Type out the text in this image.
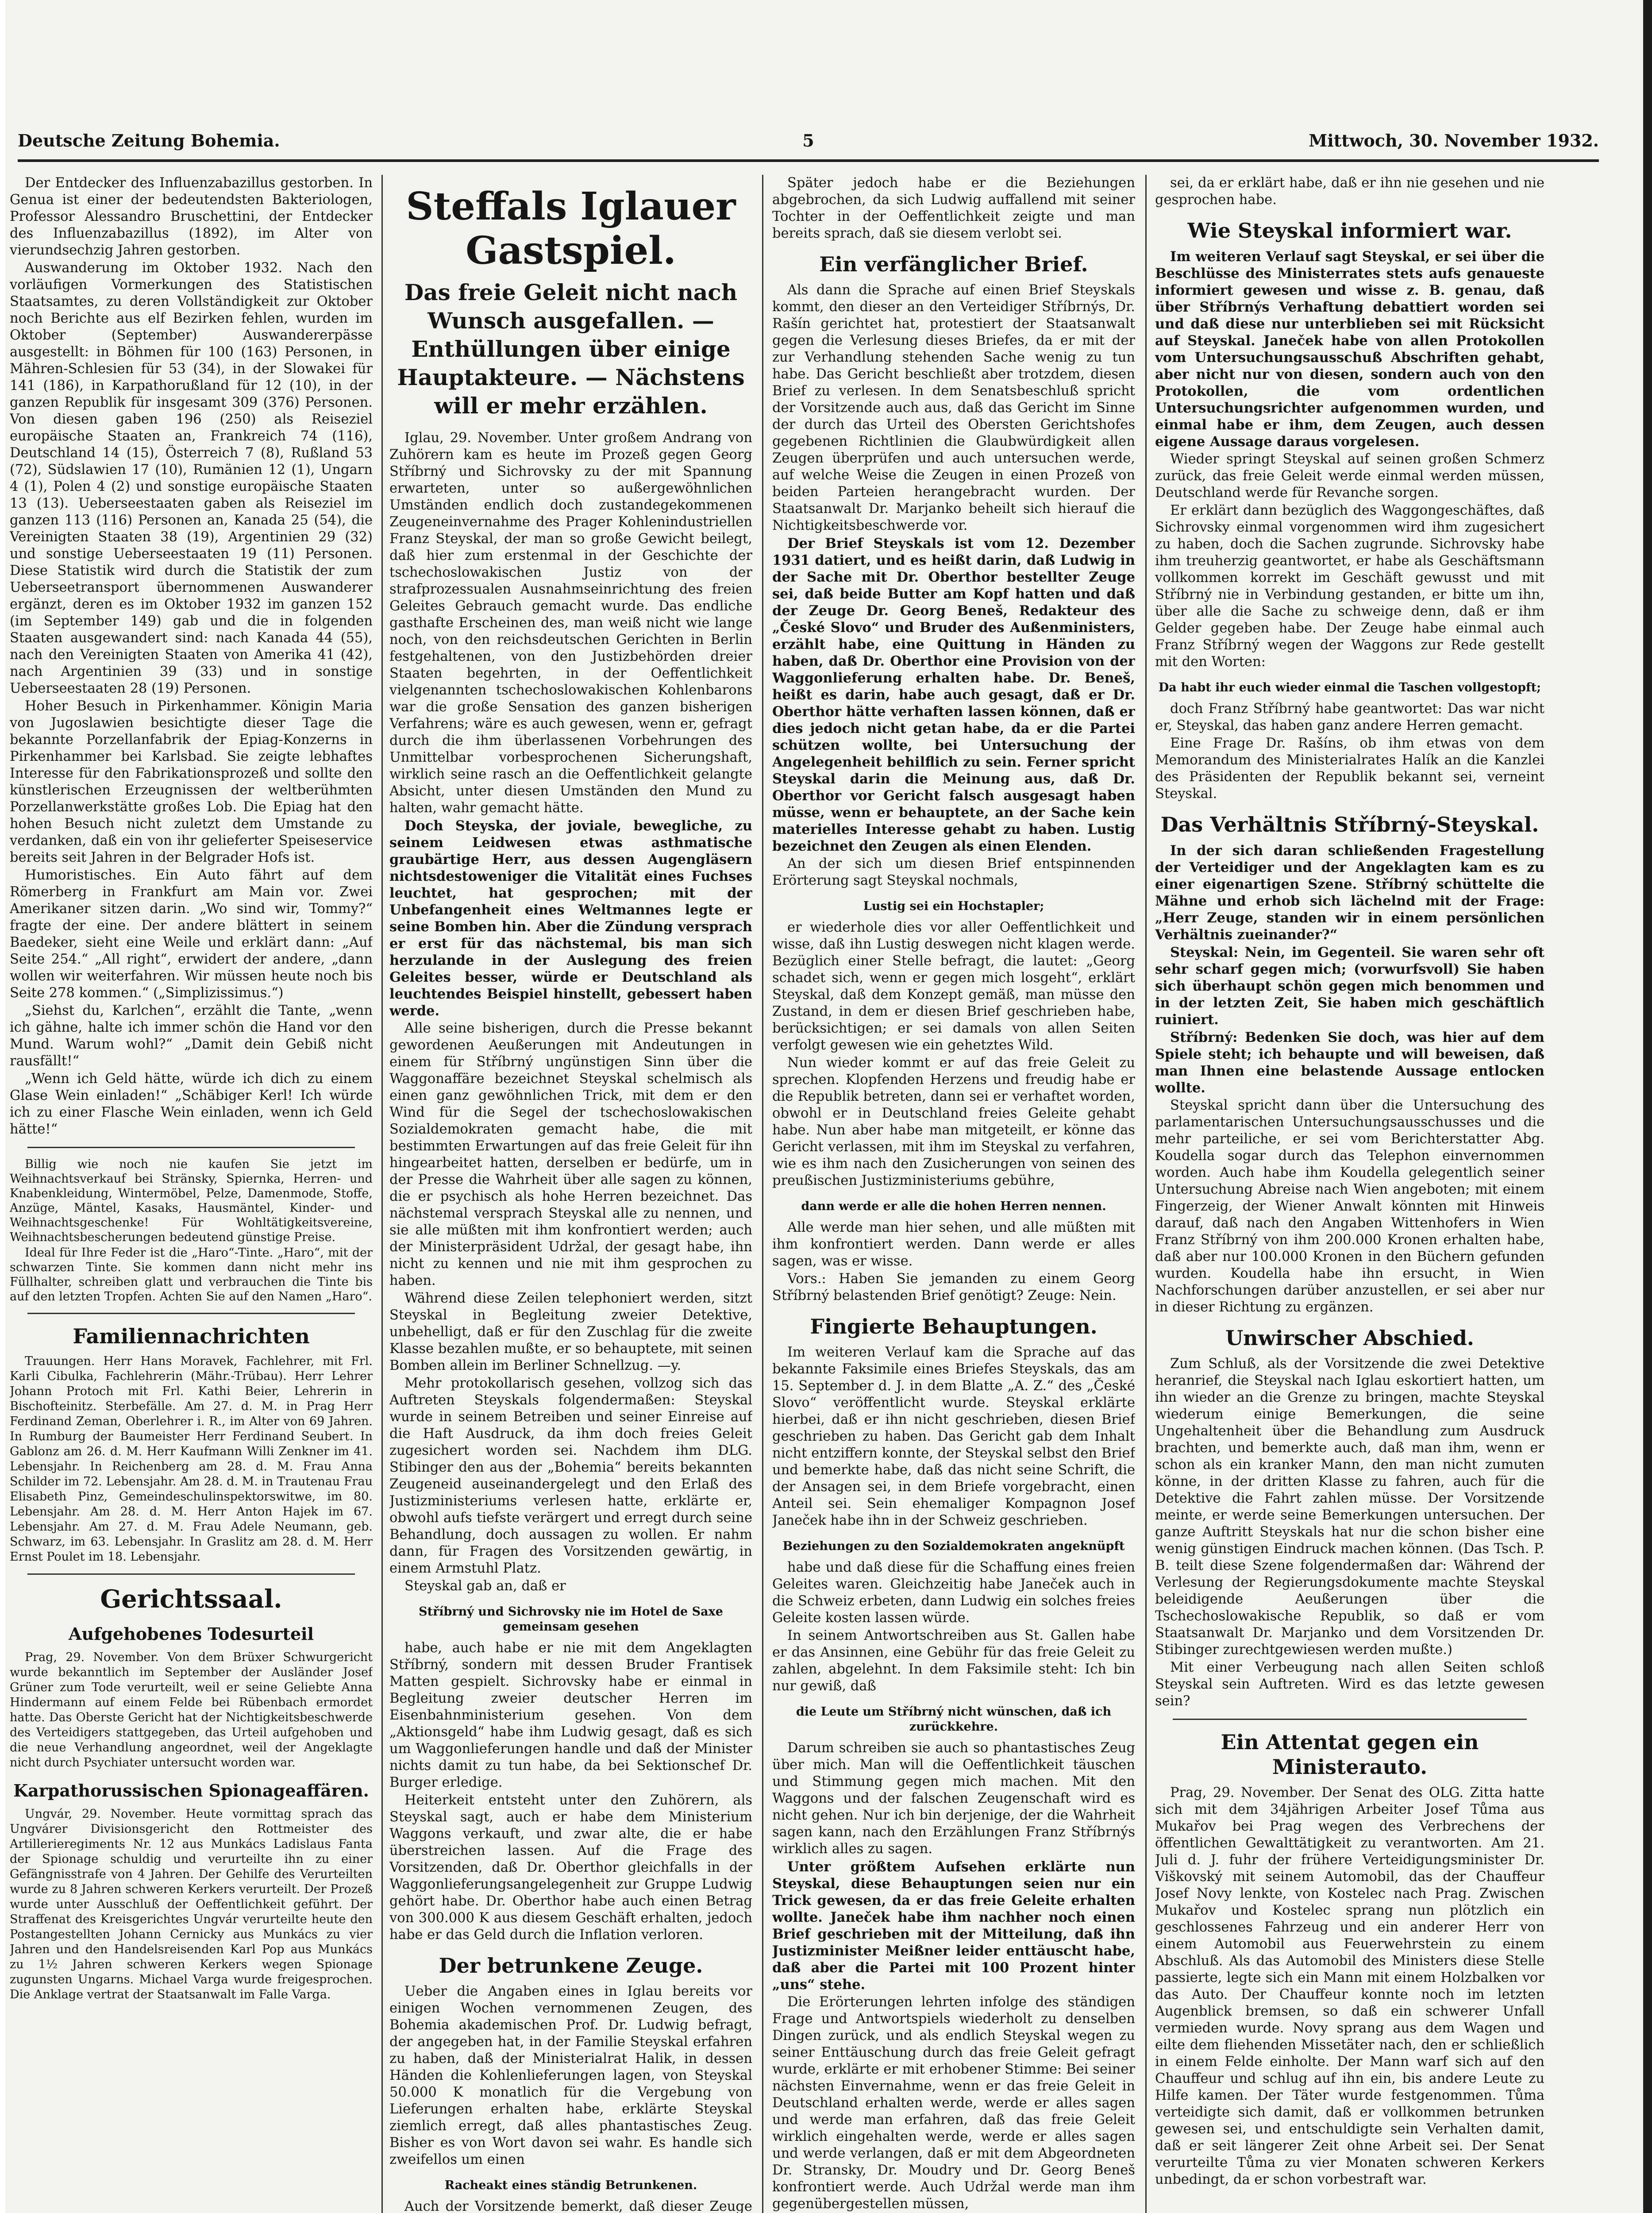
Deutsche Zeitung Bohemia.	5	Mittwoch, 30. November 1932.

Der Entdecker des Influenzabazillus gestorben. In Genua ist einer der bedeutendsten Bakteriologen, Professor Alessandro Bruschettini, der Entdecker des Influenzabazillus (1892), im Alter von vierundsechzig Jahren gestorben.

Auswanderung im Oktober 1932. Nach den vorläufigen Vormerkungen des Statistischen Staatsamtes, zu deren Vollständigkeit zur Oktober noch Berichte aus elf Bezirken fehlen, wurden im Oktober (September) Auswandererpässe ausgestellt: in Böhmen für 100 (163) Personen, in Mähren-Schlesien für 53 (34), in der Slowakei für 141 (186), in Karpathorußland für 12 (10), in der ganzen Republik für insgesamt 309 (376) Personen. Von diesen gaben 196 (250) als Reiseziel europäische Staaten an, Frankreich 74 (116), Deutschland 14 (15), Österreich 7 (8), Rußland 53 (72), Südslawien 17 (10), Rumänien 12 (1), Ungarn 4 (1), Polen 4 (2) und sonstige europäische Staaten 13 (13). Ueberseestaaten gaben als Reiseziel im ganzen 113 (116) Personen an, Kanada 25 (54), die Vereinigten Staaten 38 (19), Argentinien 29 (32) und sonstige Ueberseestaaten 19 (11) Personen. Diese Statistik wird durch die Statistik der zum Ueberseetransport übernommenen Auswanderer ergänzt, deren es im Oktober 1932 im ganzen 152 (im September 149) gab und die in folgenden Staaten ausgewandert sind: nach Kanada 44 (55), nach den Vereinigten Staaten von Amerika 41 (42), nach Argentinien 39 (33) und in sonstige Ueberseestaaten 28 (19) Personen.

Hoher Besuch in Pirkenhammer. Königin Maria von Jugoslawien besichtigte dieser Tage die bekannte Porzellanfabrik der Epiag-Konzerns in Pirkenhammer bei Karlsbad. Sie zeigte lebhaftes Interesse für den Fabrikationsprozeß und sollte den künstlerischen Erzeugnissen der weltberühmten Porzellanwerkstätte großes Lob. Die Epiag hat den hohen Besuch nicht zuletzt dem Umstande zu verdanken, daß ein von ihr gelieferter Speiseservice bereits seit Jahren in der Belgrader Hofs ist.

Humoristisches. Ein Auto fährt auf dem Römerberg in Frankfurt am Main vor. Zwei Amerikaner sitzen darin. „Wo sind wir, Tommy?“ fragte der eine. Der andere blättert in seinem Baedeker, sieht eine Weile und erklärt dann: „Auf Seite 254.“ „All right“, erwidert der andere, „dann wollen wir weiterfahren. Wir müssen heute noch bis Seite 278 kommen.“ („Simplizissimus.“)

„Siehst du, Karlchen“, erzählt die Tante, „wenn ich gähne, halte ich immer schön die Hand vor den Mund. Warum wohl?“ „Damit dein Gebiß nicht rausfällt!“

„Wenn ich Geld hätte, würde ich dich zu einem Glase Wein einladen!“ „Schäbiger Kerl! Ich würde ich zu einer Flasche Wein einladen, wenn ich Geld hätte!“

Billig wie noch nie kaufen Sie jetzt im Weihnachtsverkauf bei Stränsky, Spiernka, Herren- und Knabenkleidung, Wintermöbel, Pelze, Damenmode, Stoffe, Anzüge, Mäntel, Kasaks, Hausmäntel, Kinder- und Weihnachtsgeschenke! Für Wohltätigkeitsvereine, Weihnachtsbescherungen bedeutend günstige Preise.

Ideal für Ihre Feder ist die „Haro“-Tinte. „Haro“, mit der schwarzen Tinte. Sie kommen dann nicht mehr ins Füllhalter, schreiben glatt und verbrauchen die Tinte bis auf den letzten Tropfen. Achten Sie auf den Namen „Haro“.

Familiennachrichten

Trauungen. Herr Hans Moravek, Fachlehrer, mit Frl. Karli Cibulka, Fachlehrerin (Mähr.-Trübau). Herr Lehrer Johann Protoch mit Frl. Kathi Beier, Lehrerin in Bischofteinitz. Sterbefälle. Am 27. d. M. in Prag Herr Ferdinand Zeman, Oberlehrer i. R., im Alter von 69 Jahren. In Rumburg der Baumeister Herr Ferdinand Seubert. In Gablonz am 26. d. M. Herr Kaufmann Willi Zenkner im 41. Lebensjahr. In Reichenberg am 28. d. M. Frau Anna Schilder im 72. Lebensjahr. Am 28. d. M. in Trautenau Frau Elisabeth Pinz, Gemeindeschulinspektorswitwe, im 80. Lebensjahr. Am 28. d. M. Herr Anton Hajek im 67. Lebensjahr. Am 27. d. M. Frau Adele Neumann, geb. Schwarz, im 63. Lebensjahr. In Graslitz am 28. d. M. Herr Ernst Poulet im 18. Lebensjahr.

Gerichtssaal.

Aufgehobenes Todesurteil

Prag, 29. November. Von dem Brüxer Schwurgericht wurde bekanntlich im September der Ausländer Josef Grüner zum Tode verurteilt, weil er seine Geliebte Anna Hindermann auf einem Felde bei Rübenbach ermordet hatte. Das Oberste Gericht hat der Nichtigkeitsbeschwerde des Verteidigers stattgegeben, das Urteil aufgehoben und die neue Verhandlung angeordnet, weil der Angeklagte nicht durch Psychiater untersucht worden war.

Karpathorussischen Spionageaffären.

Ungvár, 29. November. Heute vormittag sprach das Ungvárer Divisionsgericht den Rottmeister des Artillerieregiments Nr. 12 aus Munkács Ladislaus Fanta der Spionage schuldig und verurteilte ihn zu einer Gefängnisstrafe von 4 Jahren. Der Gehilfe des Verurteilten wurde zu 8 Jahren schweren Kerkers verurteilt. Der Prozeß wurde unter Ausschluß der Oeffentlichkeit geführt. Der Straffenat des Kreisgerichtes Ungvár verurteilte heute den Postangestellten Johann Cernicky aus Munkács zu vier Jahren und den Handelsreisenden Karl Pop aus Munkács zu 1½ Jahren schweren Kerkers wegen Spionage zugunsten Ungarns. Michael Varga wurde freigesprochen. Die Anklage vertrat der Staatsanwalt im Falle Varga.

Steffals Iglauer Gastspiel.

Das freie Geleit nicht nach Wunsch ausgefallen. — Enthüllungen über einige Hauptakteure. — Nächstens will er mehr erzählen.

Iglau, 29. November. Unter großem Andrang von Zuhörern kam es heute im Prozeß gegen Georg Stříbrný und Sichrovsky zu der mit Spannung erwarteten, unter so außergewöhnlichen Umständen endlich doch zustandegekommenen Zeugeneinvernahme des Prager Kohlenindustriellen Franz Steyskal, der man so große Gewicht beilegt, daß hier zum erstenmal in der Geschichte der tschechoslowakischen Justiz von der strafprozessualen Ausnahmseinrichtung des freien Geleites Gebrauch gemacht wurde. Das endliche gasthafte Erscheinen des, man weiß nicht wie lange noch, von den reichsdeutschen Gerichten in Berlin festgehaltenen, von den Justizbehörden dreier Staaten begehrten, in der Oeffentlichkeit vielgenannten tschechoslowakischen Kohlenbarons war die große Sensation des ganzen bisherigen Verfahrens; wäre es auch gewesen, wenn er, gefragt durch die ihm überlassenen Vorbehrungen des Unmittelbar vorbesprochenen Sicherungshaft, wirklich seine rasch an die Oeffentlichkeit gelangte Absicht, unter diesen Umständen den Mund zu halten, wahr gemacht hätte.

Doch Steyska, der joviale, bewegliche, zu seinem Leidwesen etwas asthmatische graubärtige Herr, aus dessen Augengläsern nichtsdestoweniger die Vitalität eines Fuchses leuchtet, hat gesprochen; mit der Unbefangenheit eines Weltmannes legte er seine Bomben hin. Aber die Zündung versprach er erst für das nächstemal, bis man sich herzulande in der Auslegung des freien Geleites besser, würde er Deutschland als leuchtendes Beispiel hinstellt, gebessert haben werde.

Alle seine bisherigen, durch die Presse bekannt gewordenen Aeußerungen mit Andeutungen in einem für Stříbrný ungünstigen Sinn über die Waggonaffäre bezeichnet Steyskal schelmisch als einen ganz gewöhnlichen Trick, mit dem er den Wind für die Segel der tschechoslowakischen Sozialdemokraten gemacht habe, die mit bestimmten Erwartungen auf das freie Geleit für ihn hingearbeitet hatten, derselben er bedürfe, um in der Presse die Wahrheit über alle sagen zu können, die er psychisch als hohe Herren bezeichnet. Das nächstemal versprach Steyskal alle zu nennen, und sie alle müßten mit ihm konfrontiert werden; auch der Ministerpräsident Udržal, der gesagt habe, ihn nicht zu kennen und nie mit ihm gesprochen zu haben.

Während diese Zeilen telephoniert werden, sitzt Steyskal in Begleitung zweier Detektive, unbehelligt, daß er für den Zuschlag für die zweite Klasse bezahlen mußte, er so behauptete, mit seinen Bomben allein im Berliner Schnellzug. —y.

Mehr protokollarisch gesehen, vollzog sich das Auftreten Steyskals folgendermaßen: Steyskal wurde in seinem Betreiben und seiner Einreise auf die Haft Ausdruck, da ihm doch freies Geleit zugesichert worden sei. Nachdem ihm DLG. Stibinger den aus der „Bohemia“ bereits bekannten Zeugeneid auseinandergelegt und den Erlaß des Justizministeriums verlesen hatte, erklärte er, obwohl aufs tiefste verärgert und erregt durch seine Behandlung, doch aussagen zu wollen. Er nahm dann, für Fragen des Vorsitzenden gewärtig, in einem Armstuhl Platz.

Steyskal gab an, daß er

Stříbrný und Sichrovsky nie im Hotel de Saxe gemeinsam gesehen

habe, auch habe er nie mit dem Angeklagten Stříbrný, sondern mit dessen Bruder Frantisek Matten gespielt. Sichrovsky habe er einmal in Begleitung zweier deutscher Herren im Eisenbahnministerium gesehen. Von dem „Aktionsgeld“ habe ihm Ludwig gesagt, daß es sich um Waggonlieferungen handle und daß der Minister nichts damit zu tun habe, da bei Sektionschef Dr. Burger erledige.

Heiterkeit entsteht unter den Zuhörern, als Steyskal sagt, auch er habe dem Ministerium Waggons verkauft, und zwar alte, die er habe überstreichen lassen. Auf die Frage des Vorsitzenden, daß Dr. Oberthor gleichfalls in der Waggonlieferungsangelegenheit zur Gruppe Ludwig gehört habe. Dr. Oberthor habe auch einen Betrag von 300.000 K aus diesem Geschäft erhalten, jedoch habe er das Geld durch die Inflation verloren.

Der betrunkene Zeuge.

Ueber die Angaben eines in Iglau bereits vor einigen Wochen vernommenen Zeugen, des Bohemia akademischen Prof. Dr. Ludwig befragt, der angegeben hat, in der Familie Steyskal erfahren zu haben, daß der Ministerialrat Halik, in dessen Händen die Kohlenlieferungen lagen, von Steyskal 50.000 K monatlich für die Vergebung von Lieferungen erhalten habe, erklärte Steyskal ziemlich erregt, daß alles phantastisches Zeug. Bisher es von Wort davon sei wahr. Es handle sich zweifellos um einen

Racheakt eines ständig Betrunkenen.

Auch der Vorsitzende bemerkt, daß dieser Zeuge

Später jedoch habe er die Beziehungen abgebrochen, da sich Ludwig auffallend mit seiner Tochter in der Oeffentlichkeit zeigte und man bereits sprach, daß sie diesem verlobt sei.

Ein verfänglicher Brief.

Als dann die Sprache auf einen Brief Steyskals kommt, den dieser an den Verteidiger Stříbrnýs, Dr. Rašín gerichtet hat, protestiert der Staatsanwalt gegen die Verlesung dieses Briefes, da er mit der zur Verhandlung stehenden Sache wenig zu tun habe. Das Gericht beschließt aber trotzdem, diesen Brief zu verlesen. In dem Senatsbeschluß spricht der Vorsitzende auch aus, daß das Gericht im Sinne der durch das Urteil des Obersten Gerichtshofes gegebenen Richtlinien die Glaubwürdigkeit allen Zeugen überprüfen und auch untersuchen werde, auf welche Weise die Zeugen in einen Prozeß von beiden Parteien herangebracht wurden. Der Staatsanwalt Dr. Marjanko beheilt sich hierauf die Nichtigkeitsbeschwerde vor.

Der Brief Steyskals ist vom 12. Dezember 1931 datiert, und es heißt darin, daß Ludwig in der Sache mit Dr. Oberthor bestellter Zeuge sei, daß beide Butter am Kopf hatten und daß der Zeuge Dr. Georg Beneš, Redakteur des „České Slovo“ und Bruder des Außenministers, erzählt habe, eine Quittung in Händen zu haben, daß Dr. Oberthor eine Provision von der Waggonlieferung erhalten habe. Dr. Beneš, heißt es darin, habe auch gesagt, daß er Dr. Oberthor hätte verhaften lassen können, daß er dies jedoch nicht getan habe, da er die Partei schützen wollte, bei Untersuchung der Angelegenheit behilflich zu sein. Ferner spricht Steyskal darin die Meinung aus, daß Dr. Oberthor vor Gericht falsch ausgesagt haben müsse, wenn er behauptete, an der Sache kein materielles Interesse gehabt zu haben. Lustig bezeichnet den Zeugen als einen Elenden.

An der sich um diesen Brief entspinnenden Erörterung sagt Steyskal nochmals,

Lustig sei ein Hochstapler;

er wiederhole dies vor aller Oeffentlichkeit und wisse, daß ihn Lustig deswegen nicht klagen werde. Bezüglich einer Stelle befragt, die lautet: „Georg schadet sich, wenn er gegen mich losgeht“, erklärt Steyskal, daß dem Konzept gemäß, man müsse den Zustand, in dem er diesen Brief geschrieben habe, berücksichtigen; er sei damals von allen Seiten verfolgt gewesen wie ein gehetztes Wild.

Nun wieder kommt er auf das freie Geleit zu sprechen. Klopfenden Herzens und freudig habe er die Republik betreten, dann sei er verhaftet worden, obwohl er in Deutschland freies Geleite gehabt habe. Nun aber habe man mitgeteilt, er könne das Gericht verlassen, mit ihm im Steyskal zu verfahren, wie es ihm nach den Zusicherungen von seinen des preußischen Justizministeriums gebühre,

dann werde er alle die hohen Herren nennen.

Alle werde man hier sehen, und alle müßten mit ihm konfrontiert werden. Dann werde er alles sagen, was er wisse.

Vors.: Haben Sie jemanden zu einem Georg Stříbrný belastenden Brief genötigt? Zeuge: Nein.

Fingierte Behauptungen.

Im weiteren Verlauf kam die Sprache auf das bekannte Faksimile eines Briefes Steyskals, das am 15. September d. J. in dem Blatte „A. Z.“ des „České Slovo“ veröffentlicht wurde. Steyskal erklärte hierbei, daß er ihn nicht geschrieben, diesen Brief geschrieben zu haben. Das Gericht gab dem Inhalt nicht entziffern konnte, der Steyskal selbst den Brief und bemerkte habe, daß das nicht seine Schrift, die der Ansagen sei, in dem Briefe vorgebracht, einen Anteil sei. Sein ehemaliger Kompagnon Josef Janeček habe ihn in der Schweiz geschrieben.

Beziehungen zu den Sozialdemokraten angeknüpft

habe und daß diese für die Schaffung eines freien Geleites waren. Gleichzeitig habe Janeček auch in die Schweiz erbeten, dann Ludwig ein solches freies Geleite kosten lassen würde.

In seinem Antwortschreiben aus St. Gallen habe er das Ansinnen, eine Gebühr für das freie Geleit zu zahlen, abgelehnt. In dem Faksimile steht: Ich bin nur gewiß, daß

die Leute um Stříbrný nicht wünschen, daß ich zurückkehre.

Darum schreiben sie auch so phantastisches Zeug über mich. Man will die Oeffentlichkeit täuschen und Stimmung gegen mich machen. Mit den Waggons und der falschen Zeugenschaft wird es nicht gehen. Nur ich bin derjenige, der die Wahrheit sagen kann, nach den Erzählungen Franz Stříbrnýs wirklich alles zu sagen.

Unter größtem Aufsehen erklärte nun Steyskal, diese Behauptungen seien nur ein Trick gewesen, da er das freie Geleite erhalten wollte. Janeček habe ihm nachher noch einen Brief geschrieben mit der Mitteilung, daß ihn Justizminister Meißner leider enttäuscht habe, daß aber die Partei mit 100 Prozent hinter „uns“ stehe.

Die Erörterungen lehrten infolge des ständigen Frage und Antwortspiels wiederholt zu denselben Dingen zurück, und als endlich Steyskal wegen zu seiner Enttäuschung durch das freie Geleit gefragt wurde, erklärte er mit erhobener Stimme: Bei seiner nächsten Einvernahme, wenn er das freie Geleit in Deutschland erhalten werde, werde er alles sagen und werde man erfahren, daß das freie Geleit wirklich eingehalten werde, werde er alles sagen und werde verlangen, daß er mit dem Abgeordneten Dr. Stransky, Dr. Moudry und Dr. Georg Beneš konfrontiert werde. Auch Udržal werde man ihm gegenübergestellen müssen,

sei, da er erklärt habe, daß er ihn nie gesehen und nie gesprochen habe.

Wie Steyskal informiert war.

Im weiteren Verlauf sagt Steyskal, er sei über die Beschlüsse des Ministerrates stets aufs genaueste informiert gewesen und wisse z. B. genau, daß über Stříbrnýs Verhaftung debattiert worden sei und daß diese nur unterblieben sei mit Rücksicht auf Steyskal. Janeček habe von allen Protokollen vom Untersuchungsausschuß Abschriften gehabt, aber nicht nur von diesen, sondern auch von den Protokollen, die vom ordentlichen Untersuchungsrichter aufgenommen wurden, und einmal habe er ihm, dem Zeugen, auch dessen eigene Aussage daraus vorgelesen.

Wieder springt Steyskal auf seinen großen Schmerz zurück, das freie Geleit werde einmal werden müssen, Deutschland werde für Revanche sorgen.

Er erklärt dann bezüglich des Waggongeschäftes, daß Sichrovsky einmal vorgenommen wird ihm zugesichert zu haben, doch die Sachen zugrunde. Sichrovsky habe ihm treuherzig geantwortet, er habe als Geschäftsmann vollkommen korrekt im Geschäft gewusst und mit Stříbrný nie in Verbindung gestanden, er bitte um ihn, über alle die Sache zu schweige denn, daß er ihm Gelder gegeben habe. Der Zeuge habe einmal auch Franz Stříbrný wegen der Waggons zur Rede gestellt mit den Worten:

Da habt ihr euch wieder einmal die Taschen vollgestopft;

doch Franz Stříbrný habe geantwortet: Das war nicht er, Steyskal, das haben ganz andere Herren gemacht.

Eine Frage Dr. Rašíns, ob ihm etwas von dem Memorandum des Ministerialrates Halík an die Kanzlei des Präsidenten der Republik bekannt sei, verneint Steyskal.

Das Verhältnis Stříbrný-Steyskal.

In der sich daran schließenden Fragestellung der Verteidiger und der Angeklagten kam es zu einer eigenartigen Szene. Stříbrný schüttelte die Mähne und erhob sich lächelnd mit der Frage: „Herr Zeuge, standen wir in einem persönlichen Verhältnis zueinander?“

Steyskal: Nein, im Gegenteil. Sie waren sehr oft sehr scharf gegen mich; (vorwurfsvoll) Sie haben sich überhaupt schön gegen mich benommen und in der letzten Zeit, Sie haben mich geschäftlich ruiniert.

Stříbrný: Bedenken Sie doch, was hier auf dem Spiele steht; ich behaupte und will beweisen, daß man Ihnen eine belastende Aussage entlocken wollte.

Steyskal spricht dann über die Untersuchung des parlamentarischen Untersuchungsausschusses und die mehr parteiliche, er sei vom Berichterstatter Abg. Koudella sogar durch das Telephon einvernommen worden. Auch habe ihm Koudella gelegentlich seiner Untersuchung Abreise nach Wien angeboten; mit einem Fingerzeig, der Wiener Anwalt könnten mit Hinweis darauf, daß nach den Angaben Wittenhofers in Wien Franz Stříbrný von ihm 200.000 Kronen erhalten habe, daß aber nur 100.000 Kronen in den Büchern gefunden wurden. Koudella habe ihn ersucht, in Wien Nachforschungen darüber anzustellen, er sei aber nur in dieser Richtung zu ergänzen.

Unwirscher Abschied.

Zum Schluß, als der Vorsitzende die zwei Detektive heranrief, die Steyskal nach Iglau eskortiert hatten, um ihn wieder an die Grenze zu bringen, machte Steyskal wiederum einige Bemerkungen, die seine Ungehaltenheit über die Behandlung zum Ausdruck brachten, und bemerkte auch, daß man ihm, wenn er schon als ein kranker Mann, den man nicht zumuten könne, in der dritten Klasse zu fahren, auch für die Detektive die Fahrt zahlen müsse. Der Vorsitzende meinte, er werde seine Bemerkungen untersuchen. Der ganze Auftritt Steyskals hat nur die schon bisher eine wenig günstigen Eindruck machen können. (Das Tsch. P. B. teilt diese Szene folgendermaßen dar: Während der Verlesung der Regierungsdokumente machte Steyskal beleidigende Aeußerungen über die Tschechoslowakische Republik, so daß er vom Staatsanwalt Dr. Marjanko und dem Vorsitzenden Dr. Stibinger zurechtgewiesen werden mußte.)

Mit einer Verbeugung nach allen Seiten schloß Steyskal sein Auftreten. Wird es das letzte gewesen sein?

Ein Attentat gegen ein Ministerauto.

Prag, 29. November. Der Senat des OLG. Zitta hatte sich mit dem 34jährigen Arbeiter Josef Tůma aus Mukařov bei Prag wegen des Verbrechens der öffentlichen Gewalttätigkeit zu verantworten. Am 21. Juli d. J. fuhr der frühere Verteidigungsminister Dr. Viškovský mit seinem Automobil, das der Chauffeur Josef Novy lenkte, von Kostelec nach Prag. Zwischen Mukařov und Kostelec sprang nun plötzlich ein geschlossenes Fahrzeug und ein anderer Herr von einem Automobil aus Feuerwehrstein zu einem Abschluß. Als das Automobil des Ministers diese Stelle passierte, legte sich ein Mann mit einem Holzbalken vor das Auto. Der Chauffeur konnte noch im letzten Augenblick bremsen, so daß ein schwerer Unfall vermieden wurde. Novy sprang aus dem Wagen und eilte dem fliehenden Missetäter nach, den er schließlich in einem Felde einholte. Der Mann warf sich auf den Chauffeur und schlug auf ihn ein, bis andere Leute zu Hilfe kamen. Der Täter wurde festgenommen. Tůma verteidigte sich damit, daß er vollkommen betrunken gewesen sei, und entschuldigte sein Verhalten damit, daß er seit längerer Zeit ohne Arbeit sei. Der Senat verurteilte Tůma zu vier Monaten schweren Kerkers unbedingt, da er schon vorbestraft war.
